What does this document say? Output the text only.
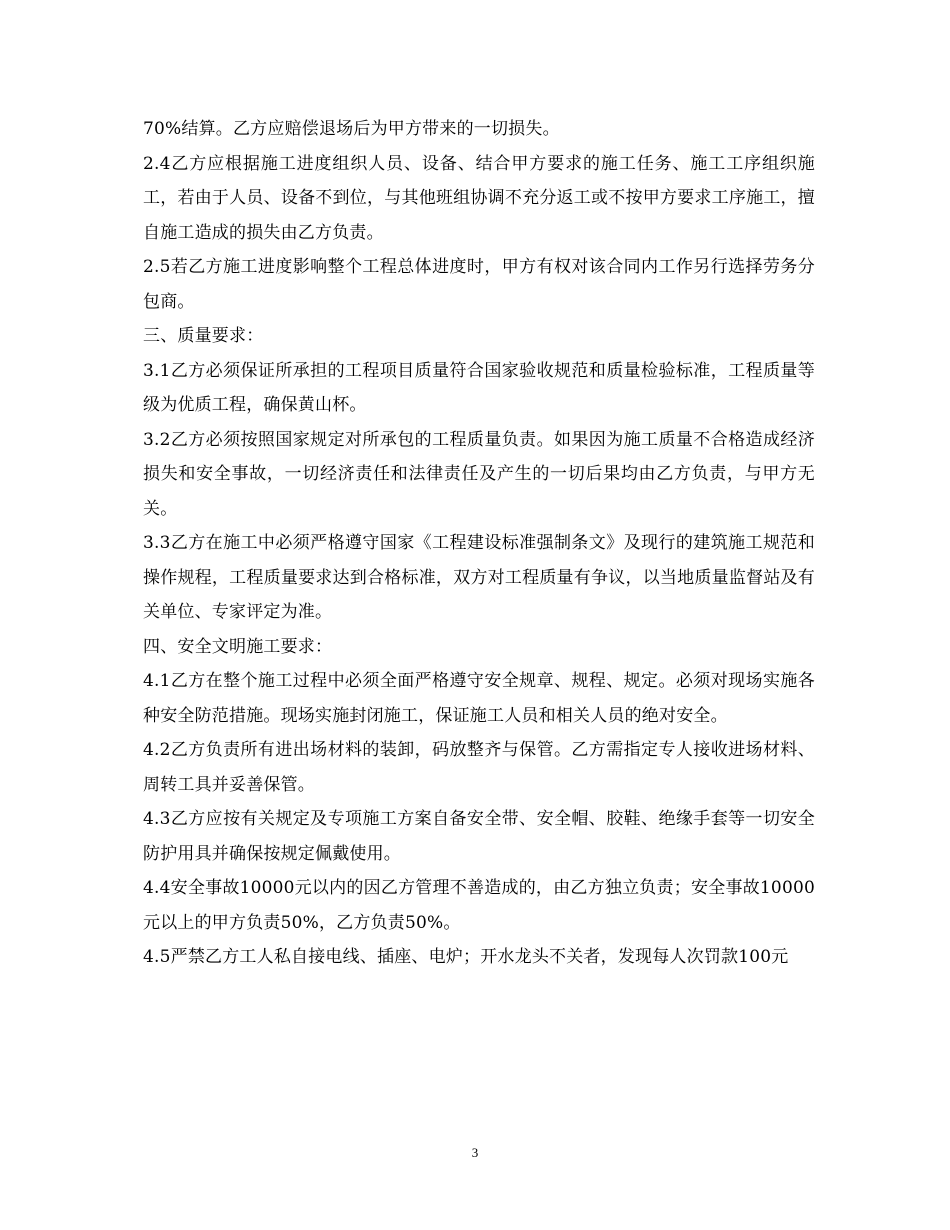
70%结算。乙方应赔偿退场后为甲方带来的一切损失。

2.4乙方应根据施工进度组织人员、设备、结合甲方要求的施工任务、施工工序组织施工，若由于人员、设备不到位，与其他班组协调不充分返工或不按甲方要求工序施工，擅自施工造成的损失由乙方负责。

2.5若乙方施工进度影响整个工程总体进度时，甲方有权对该合同内工作另行选择劳务分包商。

三、质量要求：

3.1乙方必须保证所承担的工程项目质量符合国家验收规范和质量检验标准，工程质量等级为优质工程，确保黄山杯。

3.2乙方必须按照国家规定对所承包的工程质量负责。如果因为施工质量不合格造成经济损失和安全事故，一切经济责任和法律责任及产生的一切后果均由乙方负责，与甲方无关。

3.3乙方在施工中必须严格遵守国家《工程建设标准强制条文》及现行的建筑施工规范和操作规程，工程质量要求达到合格标准，双方对工程质量有争议，以当地质量监督站及有关单位、专家评定为准。

四、安全文明施工要求：

4.1乙方在整个施工过程中必须全面严格遵守安全规章、规程、规定。必须对现场实施各种安全防范措施。现场实施封闭施工，保证施工人员和相关人员的绝对安全。

4.2乙方负责所有进出场材料的装卸，码放整齐与保管。乙方需指定专人接收进场材料、周转工具并妥善保管。

4.3乙方应按有关规定及专项施工方案自备安全带、安全帽、胶鞋、绝缘手套等一切安全防护用具并确保按规定佩戴使用。

4.4安全事故10000元以内的因乙方管理不善造成的，由乙方独立负责；安全事故10000元以上的甲方负责50%，乙方负责50%。

4.5严禁乙方工人私自接电线、插座、电炉；开水龙头不关者，发现每人次罚款100元

3
